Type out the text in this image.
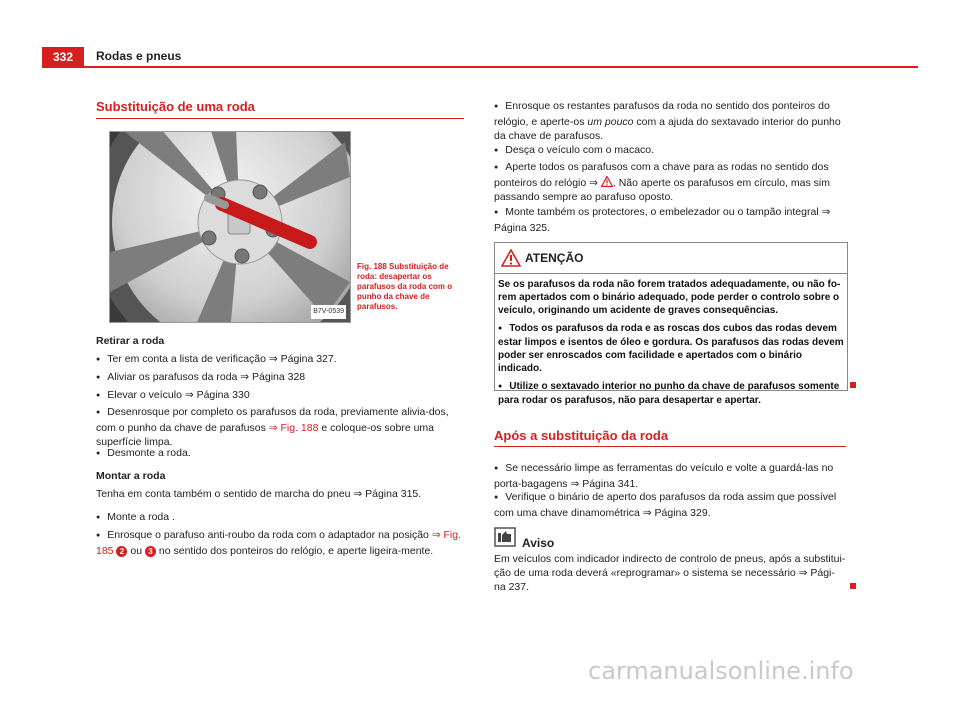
332	Rodas e pneus
Substituição de uma roda
B7V-0539
Fig. 188 Substituição de roda: desapertar os parafusos da roda com o punho da chave de parafusos.

Retirar a roda

● Ter em conta a lista de verificação ⇒ Página 327.

● Aliviar os parafusos da roda ⇒ Página 328

● Elevar o veículo ⇒ Página 330

● Desenrosque por completo os parafusos da roda, previamente alivia-dos, com o punho da chave de parafusos ⇒ Fig. 188 e coloque-os sobre uma superfície limpa.

● Desmonte a roda.

Montar a roda

Tenha em conta também o sentido de marcha do pneu ⇒ Página 315.

● Monte a roda .

● Enrosque o parafuso anti-roubo da roda com o adaptador na posição ⇒ Fig. 185 2 ou 3 no sentido dos ponteiros do relógio, e aperte ligeira-mente.

● Enrosque os restantes parafusos da roda no sentido dos ponteiros do relógio, e aperte-os um pouco com a ajuda do sextavado interior do punho da chave de parafusos.

● Desça o veículo com o macaco.

● Aperte todos os parafusos com a chave para as rodas no sentido dos ponteiros do relógio ⇒ . Não aperte os parafusos em círculo, mas sim passando sempre ao parafuso oposto.

● Monte também os protectores, o embelezador ou o tampão integral ⇒ Página 325.

ATENÇÃO

Se os parafusos da roda não forem tratados adequadamente, ou não fo-rem apertados com o binário adequado, pode perder o controlo sobre o veículo, originando um acidente de graves consequências.

● Todos os parafusos da roda e as roscas dos cubos das rodas devem estar limpos e isentos de óleo e gordura. Os parafusos das rodas devem poder ser enroscados com facilidade e apertados com o binário indicado.

● Utilize o sextavado interior no punho da chave de parafusos somente para rodar os parafusos, não para desapertar e apertar.

Após a substituição da roda

● Se necessário limpe as ferramentas do veículo e volte a guardá-las no porta-bagagens ⇒ Página 341.

● Verifique o binário de aperto dos parafusos da roda assim que possível com uma chave dinamométrica ⇒ Página 329.

Aviso

Em veículos com indicador indirecto de controlo de pneus, após a substitui-ção de uma roda deverá «reprogramar» o sistema se necessário ⇒ Pági-na 237.

carmanualsonline.info
